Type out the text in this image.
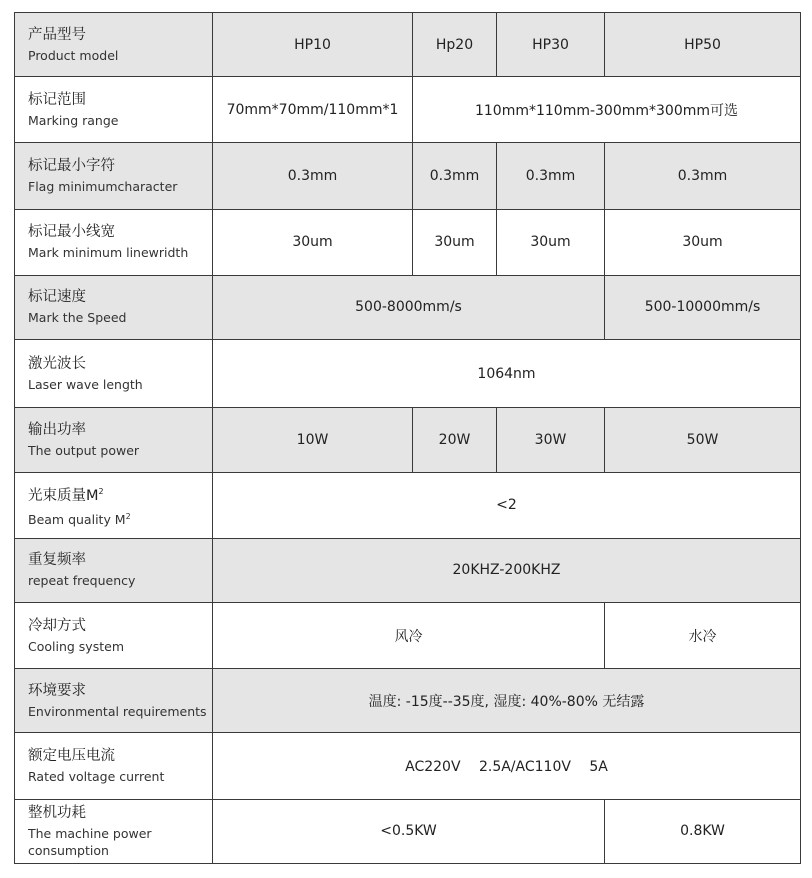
产品型号
Product model	HP10	Hp20	HP30	HP50

标记范围
Marking range	70mm*70mm/110mm*1	110mm*110mm-300mm*300mm可选		

标记最小字符
Flag minimumcharacter	0.3mm	0.3mm	0.3mm	0.3mm

标记最小线宽
Mark minimum linewridth	30um	30um	30um	30um

标记速度
Mark the Speed	500-8000mm/s			500-10000mm/s

激光波长
Laser wave length	1064nm			

输出功率
The output power	10W	20W	30W	50W

光束质量$M^2$
Beam quality $M^2$	<2			

重复频率
repeat frequency	20KHZ-200KHZ			

冷却方式
Cooling system	风冷			水冷

环境要求
Environmental requirements	温度: -15度--35度, 湿度: 40%-80% 无结露			

额定电压电流
Rated voltage current	AC220V　 2.5A/AC110V　 5A			

整机功耗
The machine power consumption	<0.5KW			0.8KW
